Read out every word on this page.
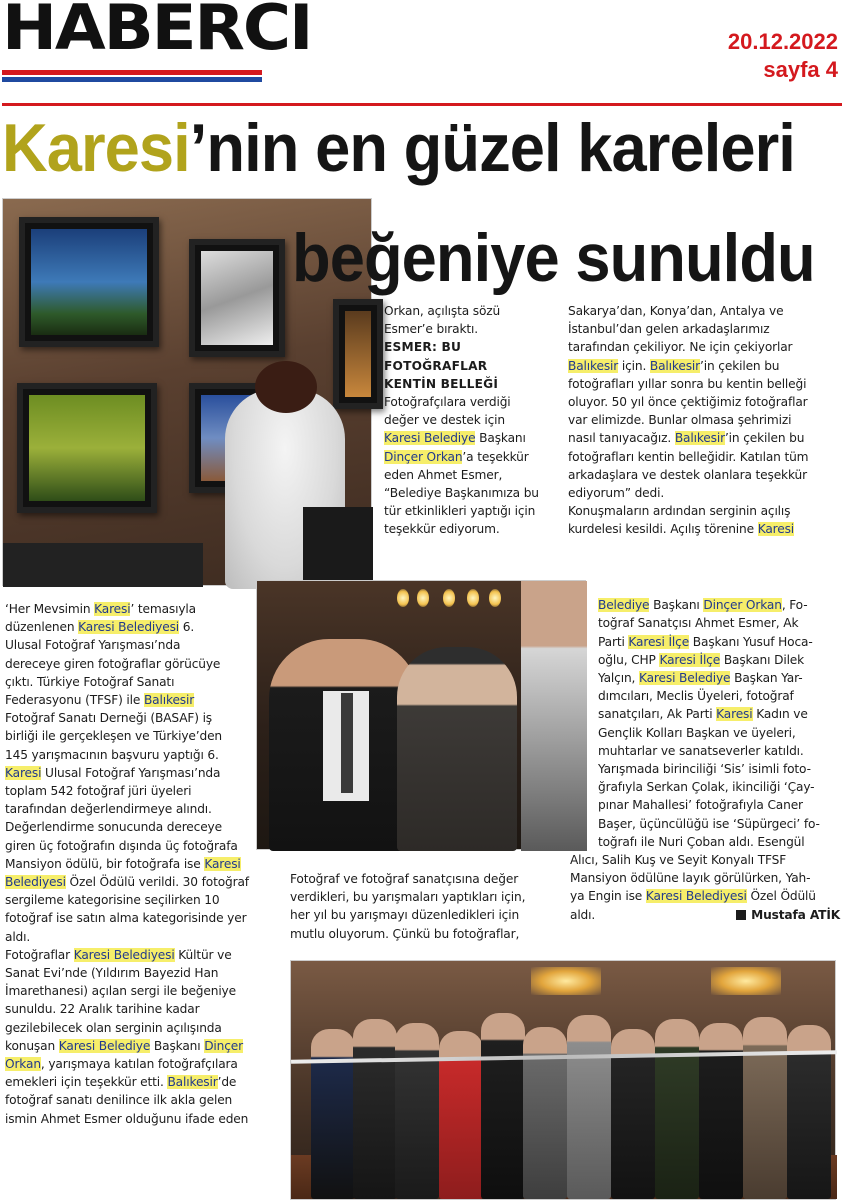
HABERCI	20.12.2022
sayfa 4
Karesi’nin en güzel kareleri
beğeniye sunuldu

Orkan, açılışta sözü

Esmer’e bıraktı.

ESMER: BU

FOTOĞRAFLAR

KENTİN BELLEĞİ

Fotoğrafçılara verdiği

değer ve destek için

Karesi Belediye Başkanı

Dinçer Orkan’a teşekkür

eden Ahmet Esmer,

“Belediye Başkanımıza bu

tür etkinlikleri yaptığı için

teşekkür ediyorum.

Sakarya’dan, Konya’dan, Antalya ve

İstanbul’dan gelen arkadaşlarımız

tarafından çekiliyor. Ne için çekiyorlar

Balıkesir için. Balıkesir’in çekilen bu

fotoğrafları yıllar sonra bu kentin belleği

oluyor. 50 yıl önce çektiğimiz fotoğraflar

var elimizde. Bunlar olmasa şehrimizi

nasıl tanıyacağız. Balıkesir’in çekilen bu

fotoğrafları kentin belleğidir. Katılan tüm

arkadaşlara ve destek olanlara teşekkür

ediyorum” dedi.

Konuşmaların ardından serginin açılış

kurdelesi kesildi. Açılış törenine Karesi

Belediye Başkanı Dinçer Orkan, Fo-

toğraf Sanatçısı Ahmet Esmer, Ak

Parti Karesi İlçe Başkanı Yusuf Hoca-

oğlu, CHP Karesi İlçe Başkanı Dilek

Yalçın, Karesi Belediye Başkan Yar-

dımcıları, Meclis Üyeleri, fotoğraf

sanatçıları, Ak Parti Karesi Kadın ve

Gençlik Kolları Başkan ve üyeleri,

muhtarlar ve sanatseverler katıldı.

Yarışmada birinciliği ‘Sis’ isimli foto-

ğrafıyla Serkan Çolak, ikinciliği ‘Çay-

pınar Mahallesi’ fotoğrafıyla Caner

Başer, üçüncülüğü ise ‘Süpürgeci’ fo-

toğrafı ile Nuri Çoban aldı. Esengül

Alıcı, Salih Kuş ve Seyit Konyalı TFSF

Mansiyon ödülüne layık görülürken, Yah-

ya Engin ise Karesi Belediyesi Özel Ödülü

aldı.	Mustafa ATİK

‘Her Mevsimin Karesi’ temasıyla

düzenlenen Karesi Belediyesi 6.

Ulusal Fotoğraf Yarışması’nda

dereceye giren fotoğraflar görücüye

çıktı. Türkiye Fotoğraf Sanatı

Federasyonu (TFSF) ile Balıkesir

Fotoğraf Sanatı Derneği (BASAF) iş

birliği ile gerçekleşen ve Türkiye’den

145 yarışmacının başvuru yaptığı 6.

Karesi Ulusal Fotoğraf Yarışması’nda

toplam 542 fotoğraf jüri üyeleri

tarafından değerlendirmeye alındı.

Değerlendirme sonucunda dereceye

giren üç fotoğrafın dışında üç fotoğrafa

Mansiyon ödülü, bir fotoğrafa ise Karesi

Belediyesi Özel Ödülü verildi. 30 fotoğraf

sergileme kategorisine seçilirken 10

fotoğraf ise satın alma kategorisinde yer

aldı.

Fotoğraflar Karesi Belediyesi Kültür ve

Sanat Evi’nde (Yıldırım Bayezid Han

İmarethanesi) açılan sergi ile beğeniye

sunuldu. 22 Aralık tarihine kadar

gezilebilecek olan serginin açılışında

konuşan Karesi Belediye Başkanı Dinçer

Orkan, yarışmaya katılan fotoğrafçılara

emekleri için teşekkür etti. Balıkesir’de

fotoğraf sanatı denilince ilk akla gelen

ismin Ahmet Esmer olduğunu ifade eden

Fotoğraf ve fotoğraf sanatçısına değer

verdikleri, bu yarışmaları yaptıkları için,

her yıl bu yarışmayı düzenledikleri için

mutlu oluyorum. Çünkü bu fotoğraflar,
